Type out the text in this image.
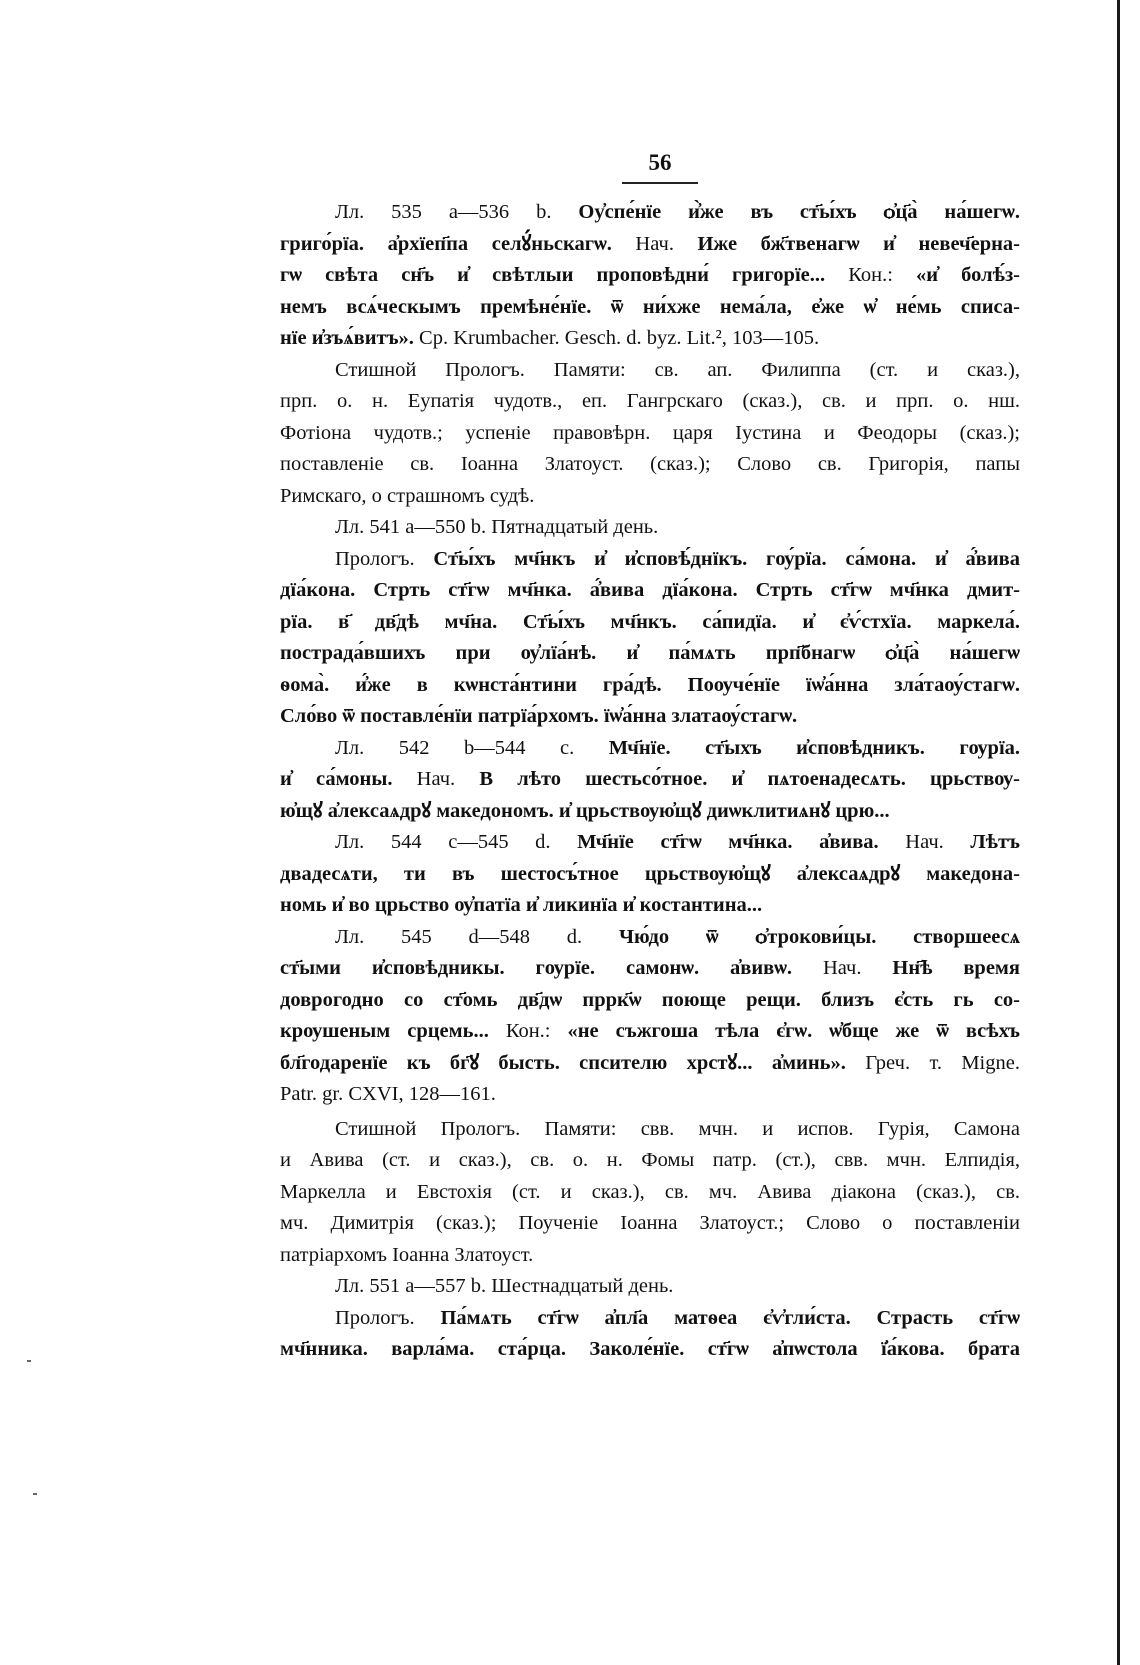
56
Лл. 535 а—536 b. Оу҆спе́нїе и҆̀же въ ст҃ы́хъ ѻ҆ц҃а̀ на́шегѡ.
григо́рїа. а҆рхїеп҃па селꙋ́ньскагѡ. Нач. Иже бж҃твенагѡ и҆ невеч҃ерна-
гѡ свѣта сн҃ъ и҆ свѣтлыи проповѣдни́ григорїе... Кон.: «и҆ болѣ́з-
немъ всѧ́ческымъ премѣне́нїе. ѿ ни́хже нема́ла, е҆же ѡ҆ не́мь списа-
нїе и҆зъѧ́витъ». Ср. Krumbacher. Gesch. d. byz. Lit.², 103—105.
Стишной Прологъ. Памяти: св. ап. Филиппа (ст. и сказ.),
прп. о. н. Еупатія чудотв., еп. Гангрскаго (сказ.), св. и прп. о. нш.
Фотіона чудотв.; успеніе правовѣрн. царя Іустина и Феодоры (сказ.);
поставленіе св. Іоанна Златоуст. (сказ.); Слово св. Григорія, папы
Римскаго, о страшномъ судѣ.
Лл. 541 а—550 b. Пятнадцатый день.
Прологъ. Ст҃ы́хъ мч҃нкъ и҆ и҆сповѣ́днїкъ. гѹ́рїа. са́мона. и҆ а҆́вива
дїа́кона. Стрть ст҃гѡ мч҃нка. а҆́вива дїа́кона. Стрть ст҃гѡ мч҃нка дмит-
рїа. в҃ дв҃дѣ мч҃на. Ст҃ы́хъ мч҃нкъ. са́пидїа. и҆ є҆ѵ́стхїа. маркела́.
пострада́вшихъ при ѹ҆лїа́нѣ. и҆ па́мѧть прп҃бнагѡ ѻ҆ц҃а̀ на́шегѡ
ѳома̀. и҆́же в кѡнста́нтини гра́дѣ. Поѹче́нїе їѡ҆а́нна зла́таѹ́стагѡ.
Сло́во ѿ поставле́нїи патрїа́рхомъ. їѡ҆а́нна златаѹ́стагѡ.
Лл. 542 b—544 с. Мч҃нїе. ст҃ыхъ и҆сповѣдникъ. гѹрїа.
и҆ са́моны. Нач. В лѣто шестьсо́тное. и҆ пѧтоенадесѧть. црьствѹ-
ю҆щꙋ а҆лексаѧдрꙋ македономъ. и҆ црьствѹю҆щꙋ диѡклитиѧнꙋ црю...
Лл. 544 с—545 d. Мч҃нїе ст҃гѡ мч҃нка. а҆вива. Нач. Лѣтъ
двадесѧти, ти въ шестосъ́тное црьствѹю҆щꙋ а҆лексаѧдрꙋ македона-
номь и҆ во црьство ѹ҆патїа и҆ ликинїа и҆ костантина...
Лл. 545 d—548 d. Чю́до ѿ ѻ҆трокови́цы. створшеесѧ
ст҃ыми и҆сповѣдникы. гѹрїе. самонѡ. а҆вивѡ. Нач. Нн҃ѣ время
доврогодно со ст҃омь дв҃дѡ пррк҃ѡ поюще рещи. близъ є҆сть гь со-
крѹшеным срцемь... Кон.: «не съжгоша тѣла є҆гѡ. ѡ҆бще же ѿ всѣхъ
бл҃годаренїе къ бг҃ꙋ бысть. спсителю хрстꙋ... а҆минь». Греч. т. Migne.
Patr. gr. CXVI, 128—161.
Стишной Прологъ. Памяти: свв. мчн. и испов. Гурія, Самона
и Авива (ст. и сказ.), св. о. н. Фомы патр. (ст.), свв. мчн. Елпидія,
Маркелла и Евстохія (ст. и сказ.), св. мч. Авива діакона (сказ.), св.
мч. Димитрія (сказ.); Поученіе Іоанна Златоуст.; Слово о поставленіи
патріархомъ Іоанна Златоуст.
Лл. 551 а—557 b. Шестнадцатый день.
Прологъ. Па́мѧть ст҃гѡ а҆пл҃а матѳеа є҆ѵ҆гли́ста. Страсть ст҃гѡ
мч҃нника. варла́ма. ста́рца. Заколе́нїе. ст҃гѡ а҆пѡстола ї҆а́кова. брата
